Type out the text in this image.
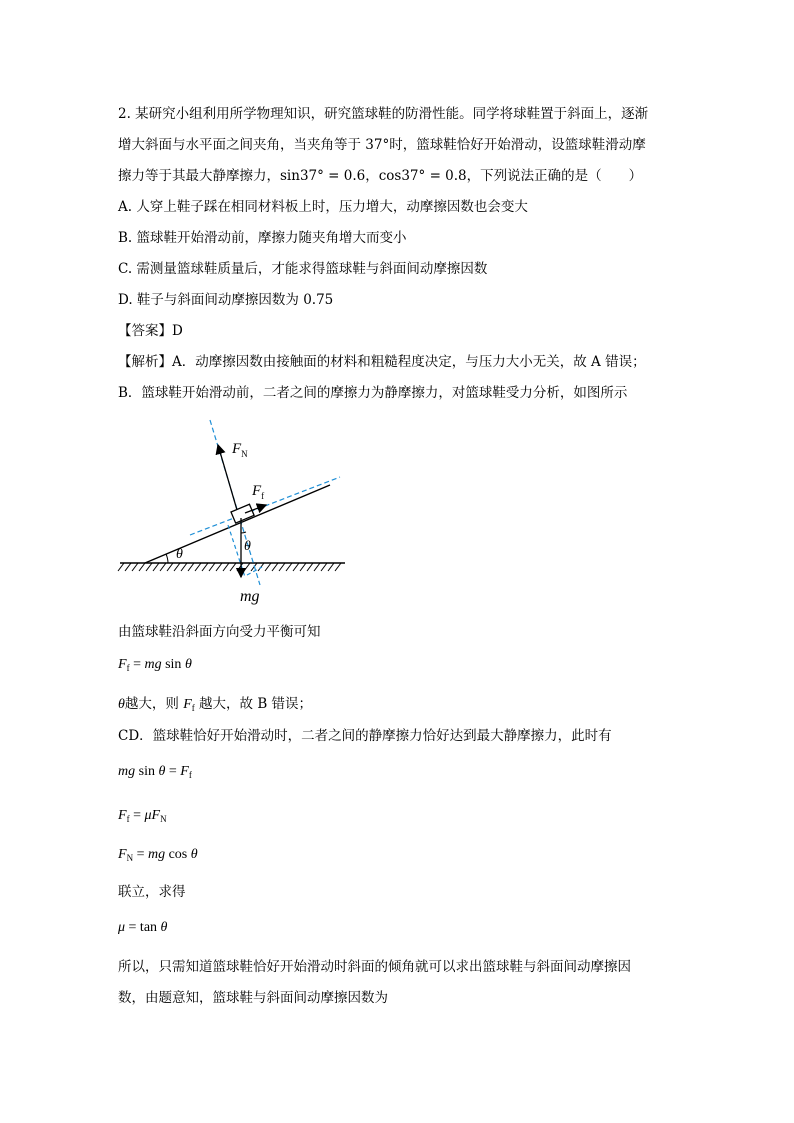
2. 某研究小组利用所学物理知识，研究篮球鞋的防滑性能。同学将球鞋置于斜面上，逐渐
增大斜面与水平面之间夹角，当夹角等于 37°时，篮球鞋恰好开始滑动，设篮球鞋滑动摩
擦力等于其最大静摩擦力，sin37° = 0.6，cos37° = 0.8，下列说法正确的是（　　）
A. 人穿上鞋子踩在相同材料板上时，压力增大，动摩擦因数也会变大
B. 篮球鞋开始滑动前，摩擦力随夹角增大而变小
C. 需测量篮球鞋质量后，才能求得篮球鞋与斜面间动摩擦因数
D. 鞋子与斜面间动摩擦因数为 0.75
【答案】D
【解析】A．动摩擦因数由接触面的材料和粗糙程度决定，与压力大小无关，故 A 错误；
B．篮球鞋开始滑动前，二者之间的摩擦力为静摩擦力，对篮球鞋受力分析，如图所示
$F_N$
$F_f$
θ
θ
mg
由篮球鞋沿斜面方向受力平衡可知
$F_f$ = mg sin θ
θ越大，则 $F_f$ 越大，故 B 错误；
CD．篮球鞋恰好开始滑动时，二者之间的静摩擦力恰好达到最大静摩擦力，此时有
mg $\sin \theta = F_f$
$F_f = \mu F_N$
$F_N$ = mg cos θ
联立，求得
μ = tan θ
所以，只需知道篮球鞋恰好开始滑动时斜面的倾角就可以求出篮球鞋与斜面间动摩擦因
数，由题意知，篮球鞋与斜面间动摩擦因数为
